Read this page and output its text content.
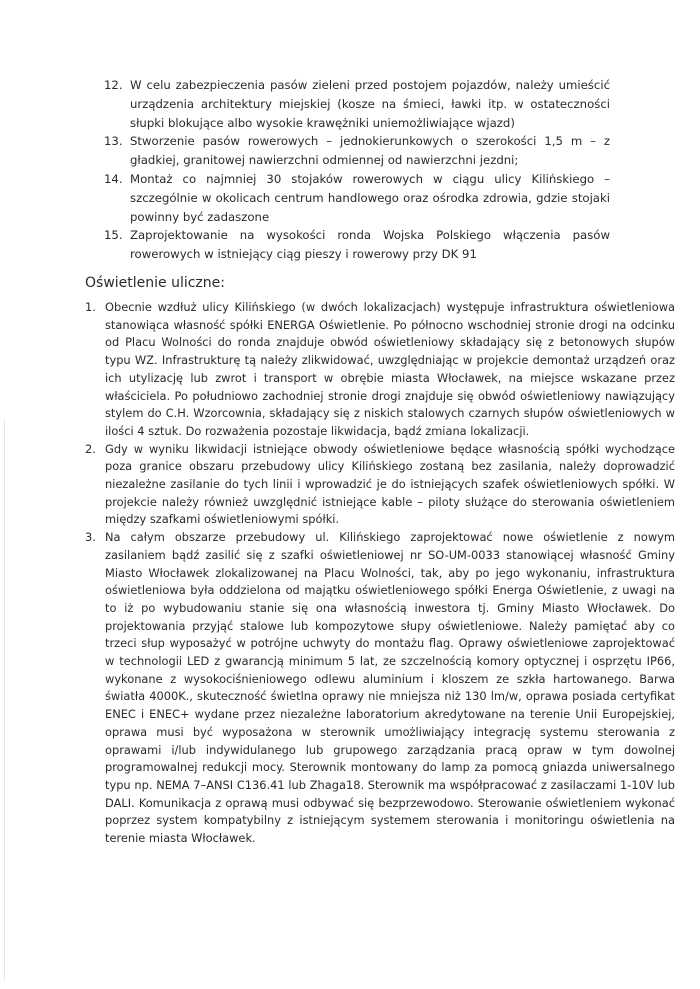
12. W celu zabezpieczenia pasów zieleni przed postojem pojazdów, należy umieścić urządzenia architektury miejskiej (kosze na śmieci, ławki itp. w ostateczności słupki blokujące albo wysokie krawężniki uniemożliwiające wjazd)
13. Stworzenie pasów rowerowych – jednokierunkowych o szerokości 1,5 m – z gładkiej, granitowej nawierzchni odmiennej od nawierzchni jezdni;
14. Montaż co najmniej 30 stojaków rowerowych w ciągu ulicy Kilińskiego – szczególnie w okolicach centrum handlowego oraz ośrodka zdrowia, gdzie stojaki powinny być zadaszone
15. Zaprojektowanie na wysokości ronda Wojska Polskiego włączenia pasów rowerowych w istniejący ciąg pieszy i rowerowy przy DK 91
Oświetlenie uliczne:
1. Obecnie wzdłuż ulicy Kilińskiego (w dwóch lokalizacjach) występuje infrastruktura oświetleniowa stanowiąca własność spółki ENERGA Oświetlenie. Po północno wschodniej stronie drogi na odcinku od Placu Wolności do ronda znajduje obwód oświetleniowy składający się z betonowych słupów typu WZ. Infrastrukturę tą należy zlikwidować, uwzględniając w projekcie demontaż urządzeń oraz ich utylizację lub zwrot i transport w obrębie miasta Włocławek, na miejsce wskazane przez właściciela. Po południowo zachodniej stronie drogi znajduje się obwód oświetleniowy nawiązujący stylem do C.H. Wzorcownia, składający się z niskich stalowych czarnych słupów oświetleniowych w ilości 4 sztuk. Do rozważenia pozostaje likwidacja, bądź zmiana lokalizacji.
2. Gdy w wyniku likwidacji istniejące obwody oświetleniowe będące własnością spółki wychodzące poza granice obszaru przebudowy ulicy Kilińskiego zostaną bez zasilania, należy doprowadzić niezależne zasilanie do tych linii i wprowadzić je do istniejących szafek oświetleniowych spółki. W projekcie należy również uwzględnić istniejące kable – piloty służące do sterowania oświetleniem między szafkami oświetleniowymi spółki.
3. Na całym obszarze przebudowy ul. Kilińskiego zaprojektować nowe oświetlenie z nowym zasilaniem bądź zasilić się z szafki oświetleniowej nr SO-UM-0033 stanowiącej własność Gminy Miasto Włocławek zlokalizowanej na Placu Wolności, tak, aby po jego wykonaniu, infrastruktura oświetleniowa była oddzielona od majątku oświetleniowego spółki Energa Oświetlenie, z uwagi na to iż po wybudowaniu stanie się ona własnością inwestora tj. Gminy Miasto Włocławek. Do projektowania przyjąć stalowe lub kompozytowe słupy oświetleniowe. Należy pamiętać aby co trzeci słup wyposażyć w potrójne uchwyty do montażu flag. Oprawy oświetleniowe zaprojektować w technologii LED z gwarancją minimum 5 lat, ze szczelnością komory optycznej i osprzętu IP66, wykonane z wysokociśnieniowego odlewu aluminium i kloszem ze szkła hartowanego. Barwa światła 4000K., skuteczność świetlna oprawy nie mniejsza niż 130 lm/w, oprawa posiada certyfikat ENEC i ENEC+ wydane przez niezależne laboratorium akredytowane na terenie Unii Europejskiej, oprawa musi być wyposażona w sterownik umożliwiający integrację systemu sterowania z oprawami i/lub indywidulanego lub grupowego zarządzania pracą opraw w tym dowolnej programowalnej redukcji mocy. Sterownik montowany do lamp za pomocą gniazda uniwersalnego typu np. NEMA 7–ANSI C136.41 lub Zhaga18. Sterownik ma współpracować z zasilaczami 1-10V lub DALI. Komunikacja z oprawą musi odbywać się bezprzewodowo. Sterowanie oświetleniem wykonać poprzez system kompatybilny z istniejącym systemem sterowania i monitoringu oświetlenia na terenie miasta Włocławek.
